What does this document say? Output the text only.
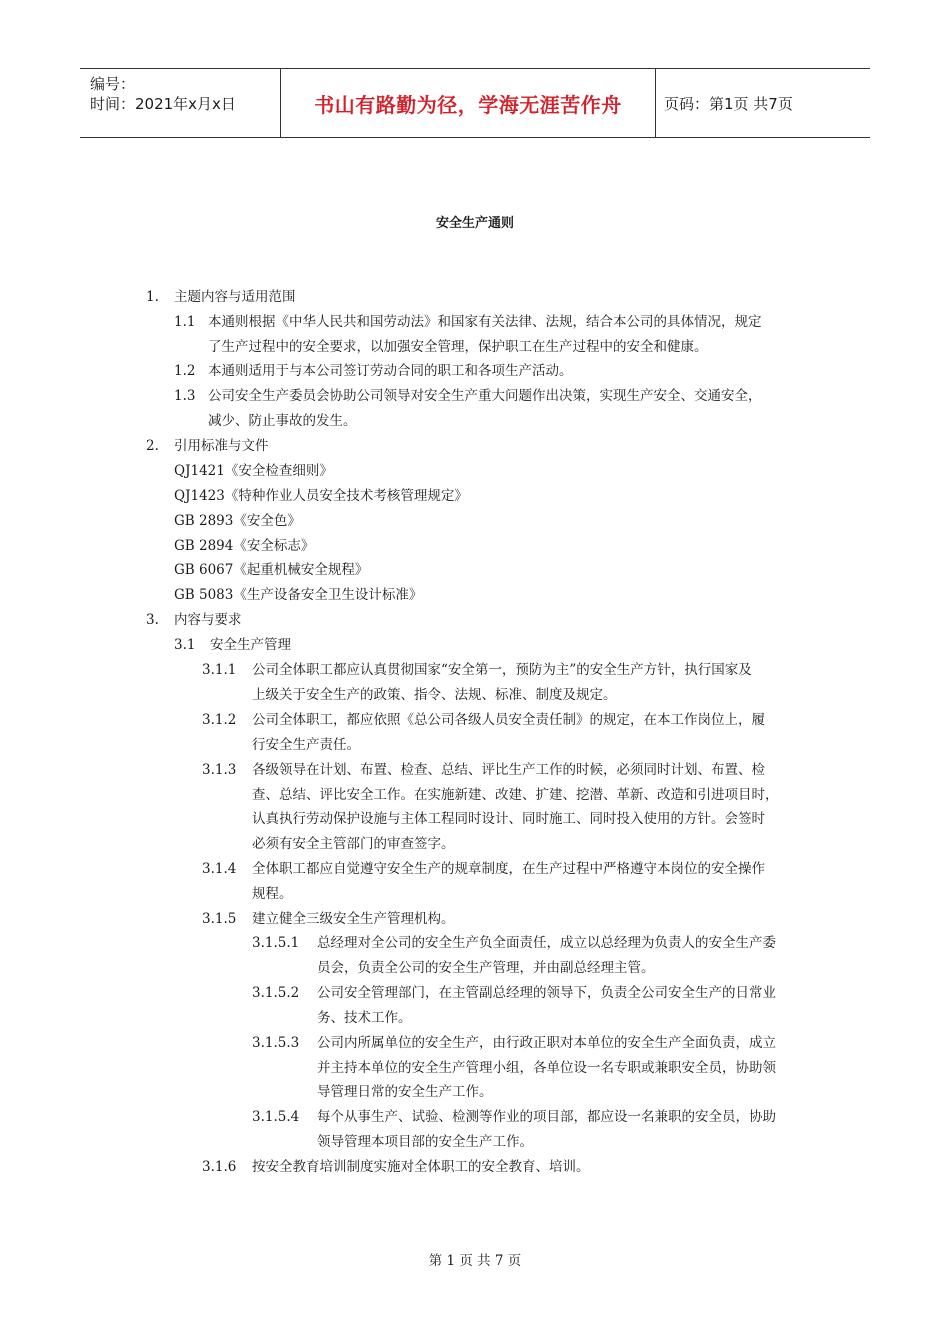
编号：
时间：2021年x月x日	书山有路勤为径，学海无涯苦作舟	页码：第1页 共7页
安全生产通则
1. 主题内容与适用范围
1.1 本通则根据《中华人民共和国劳动法》和国家有关法律、法规，结合本公司的具体情况，规定
了生产过程中的安全要求，以加强安全管理，保护职工在生产过程中的安全和健康。
1.2 本通则适用于与本公司签订劳动合同的职工和各项生产活动。
1.3 公司安全生产委员会协助公司领导对安全生产重大问题作出决策，实现生产安全、交通安全，
减少、防止事故的发生。
2. 引用标准与文件
QJ1421《安全检查细则》
QJ1423《特种作业人员安全技术考核管理规定》
GB 2893《安全色》
GB 2894《安全标志》
GB 6067《起重机械安全规程》
GB 5083《生产设备安全卫生设计标准》
3. 内容与要求
3.1 安全生产管理
3.1.1 公司全体职工都应认真贯彻国家“安全第一，预防为主”的安全生产方针，执行国家及
上级关于安全生产的政策、指令、法规、标准、制度及规定。
3.1.2 公司全体职工，都应依照《总公司各级人员安全责任制》的规定，在本工作岗位上，履
行安全生产责任。
3.1.3 各级领导在计划、布置、检查、总结、评比生产工作的时候，必须同时计划、布置、检
查、总结、评比安全工作。在实施新建、改建、扩建、挖潜、革新、改造和引进项目时，
认真执行劳动保护设施与主体工程同时设计、同时施工、同时投入使用的方针。会签时
必须有安全主管部门的审查签字。
3.1.4 全体职工都应自觉遵守安全生产的规章制度，在生产过程中严格遵守本岗位的安全操作
规程。
3.1.5 建立健全三级安全生产管理机构。
3.1.5.1 总经理对全公司的安全生产负全面责任，成立以总经理为负责人的安全生产委
员会，负责全公司的安全生产管理，并由副总经理主管。
3.1.5.2 公司安全管理部门，在主管副总经理的领导下，负责全公司安全生产的日常业
务、技术工作。
3.1.5.3 公司内所属单位的安全生产，由行政正职对本单位的安全生产全面负责，成立
并主持本单位的安全生产管理小组，各单位设一名专职或兼职安全员，协助领
导管理日常的安全生产工作。
3.1.5.4 每个从事生产、试验、检测等作业的项目部，都应设一名兼职的安全员，协助
领导管理本项目部的安全生产工作。
3.1.6 按安全教育培训制度实施对全体职工的安全教育、培训。
第 1 页 共 7 页
